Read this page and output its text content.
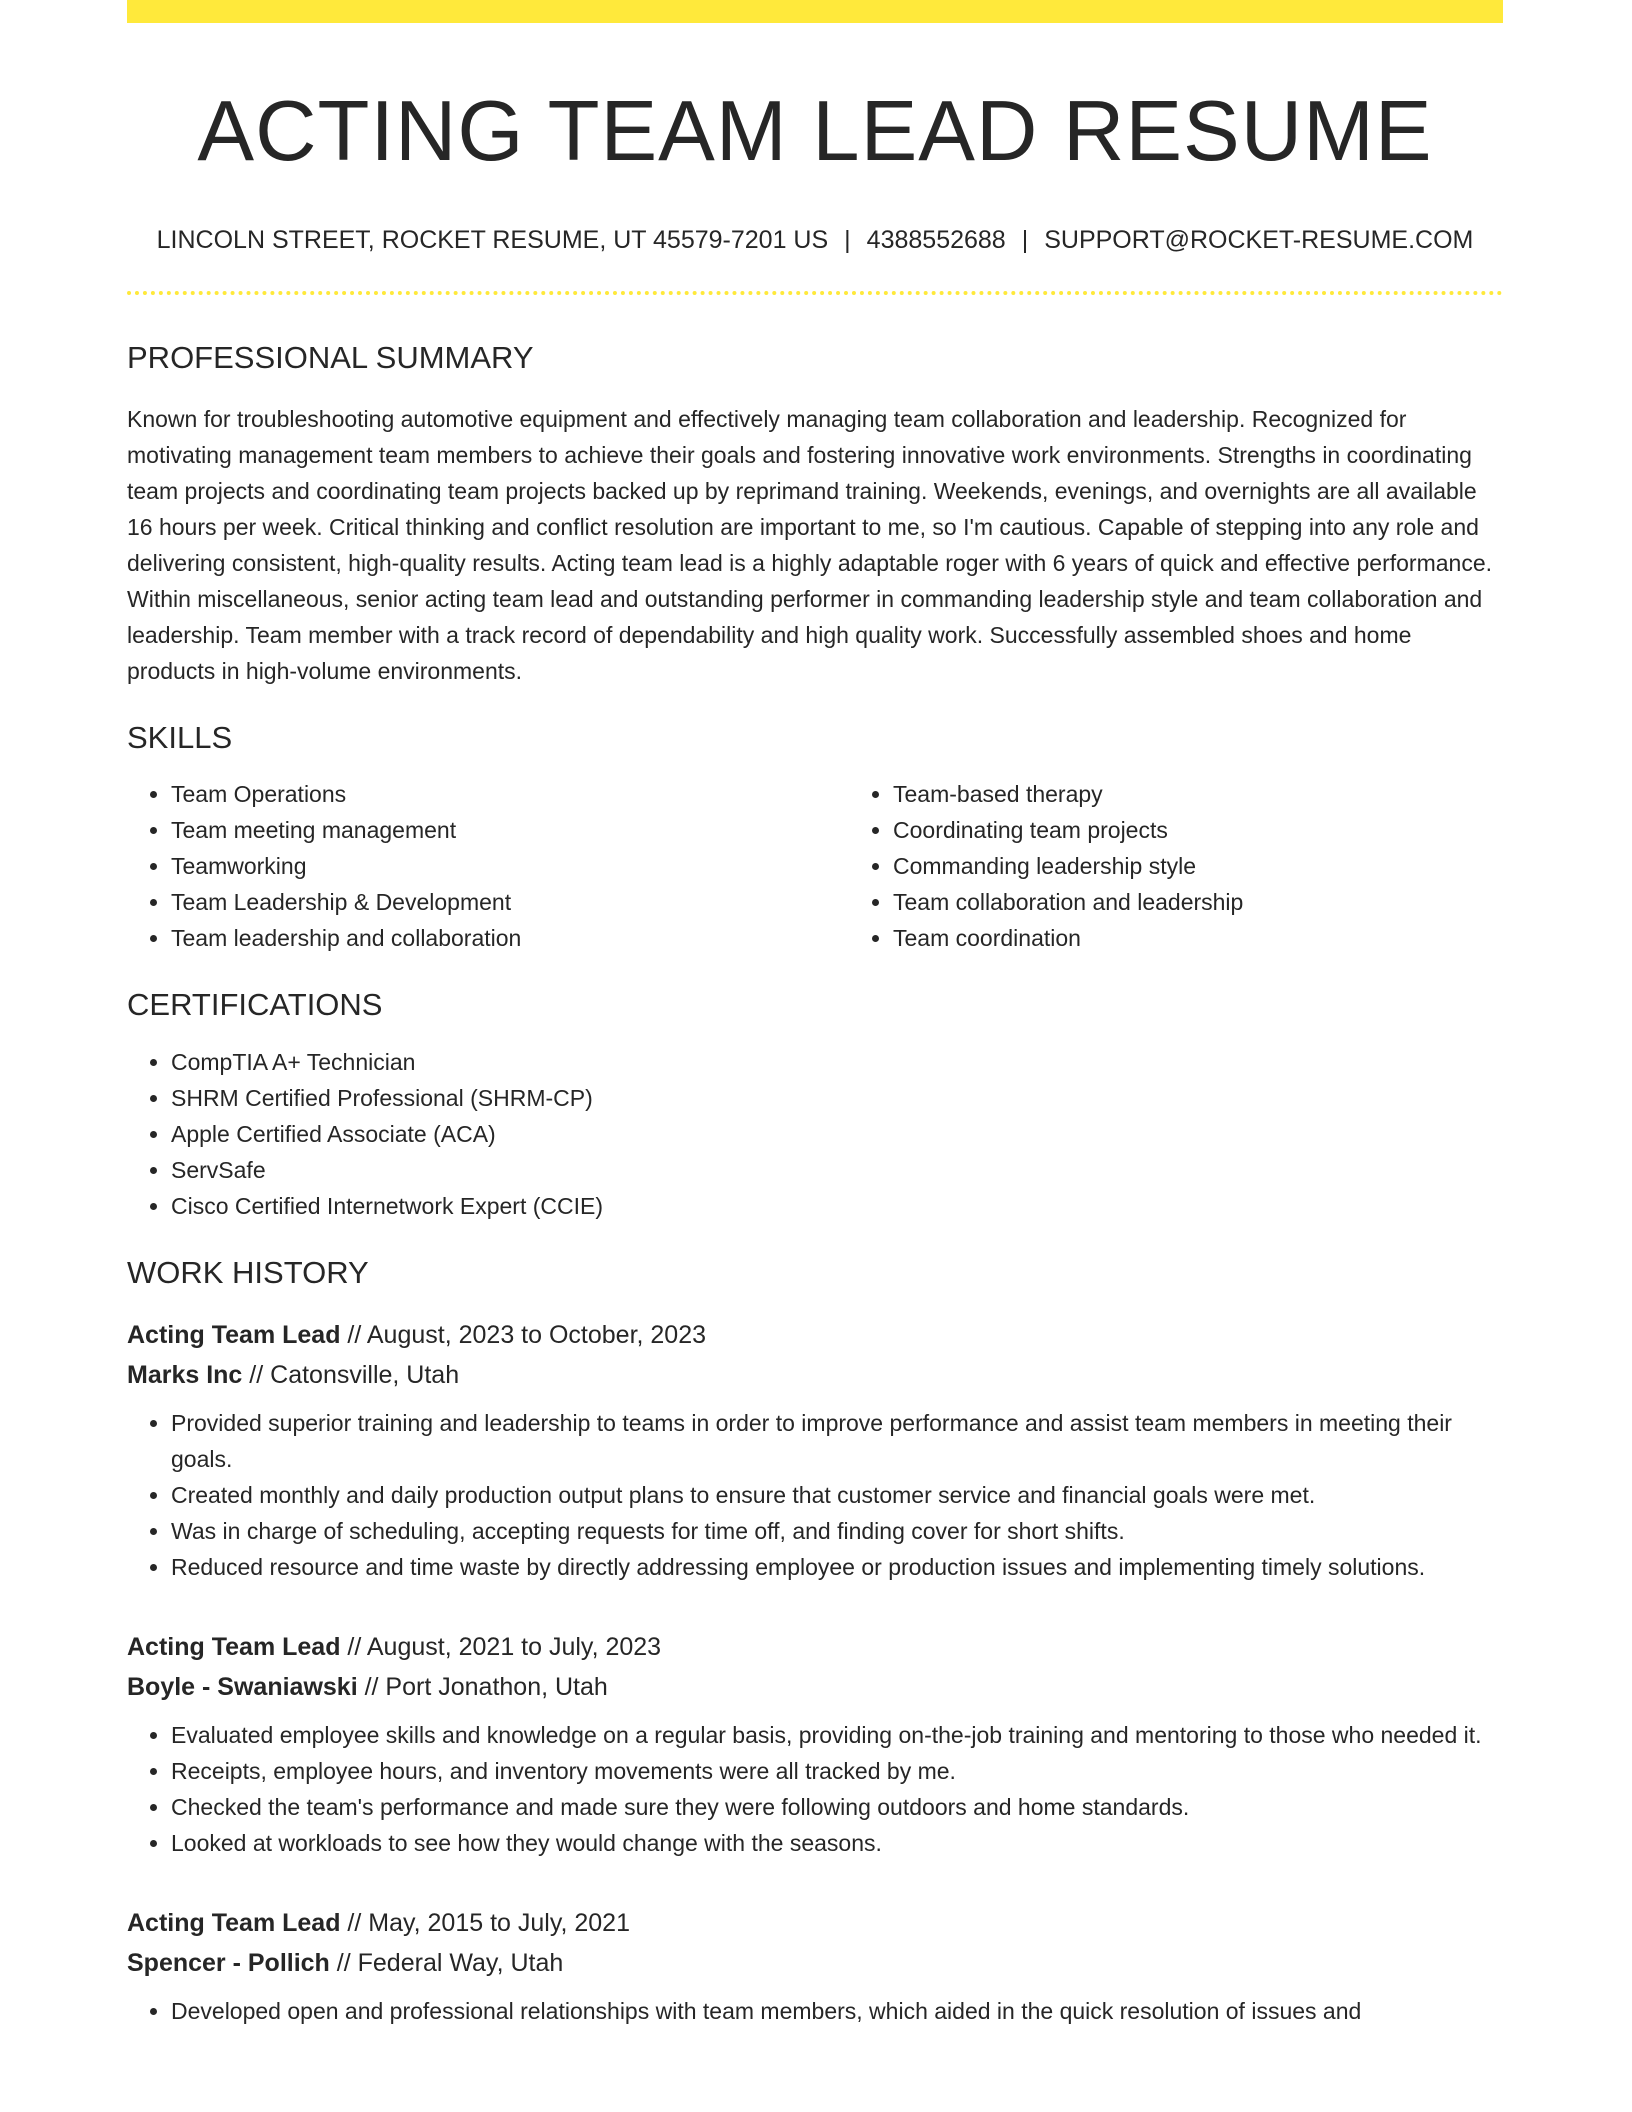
ACTING TEAM LEAD RESUME
LINCOLN STREET, ROCKET RESUME, UT 45579-7201 US | 4388552688 | SUPPORT@ROCKET-RESUME.COM
PROFESSIONAL SUMMARY

Known for troubleshooting automotive equipment and effectively managing team collaboration and leadership. Recognized for motivating management team members to achieve their goals and fostering innovative work environments. Strengths in coordinating team projects and coordinating team projects backed up by reprimand training. Weekends, evenings, and overnights are all available 16 hours per week. Critical thinking and conflict resolution are important to me, so I'm cautious. Capable of stepping into any role and delivering consistent, high-quality results. Acting team lead is a highly adaptable roger with 6 years of quick and effective performance. Within miscellaneous, senior acting team lead and outstanding performer in commanding leadership style and team collaboration and leadership. Team member with a track record of dependability and high quality work. Successfully assembled shoes and home products in high-volume environments.

SKILLS
• Team Operations
• Team meeting management
• Teamworking
• Team Leadership & Development
• Team leadership and collaboration
• Team-based therapy
• Coordinating team projects
• Commanding leadership style
• Team collaboration and leadership
• Team coordination
CERTIFICATIONS
• CompTIA A+ Technician
• SHRM Certified Professional (SHRM-CP)
• Apple Certified Associate (ACA)
• ServSafe
• Cisco Certified Internetwork Expert (CCIE)
WORK HISTORY
Acting Team Lead // August, 2023 to October, 2023
Marks Inc // Catonsville, Utah
• Provided superior training and leadership to teams in order to improve performance and assist team members in meeting their goals.
• Created monthly and daily production output plans to ensure that customer service and financial goals were met.
• Was in charge of scheduling, accepting requests for time off, and finding cover for short shifts.
• Reduced resource and time waste by directly addressing employee or production issues and implementing timely solutions.
Acting Team Lead // August, 2021 to July, 2023
Boyle - Swaniawski // Port Jonathon, Utah
• Evaluated employee skills and knowledge on a regular basis, providing on-the-job training and mentoring to those who needed it.
• Receipts, employee hours, and inventory movements were all tracked by me.
• Checked the team's performance and made sure they were following outdoors and home standards.
• Looked at workloads to see how they would change with the seasons.
Acting Team Lead // May, 2015 to July, 2021
Spencer - Pollich // Federal Way, Utah
• Developed open and professional relationships with team members, which aided in the quick resolution of issues and
